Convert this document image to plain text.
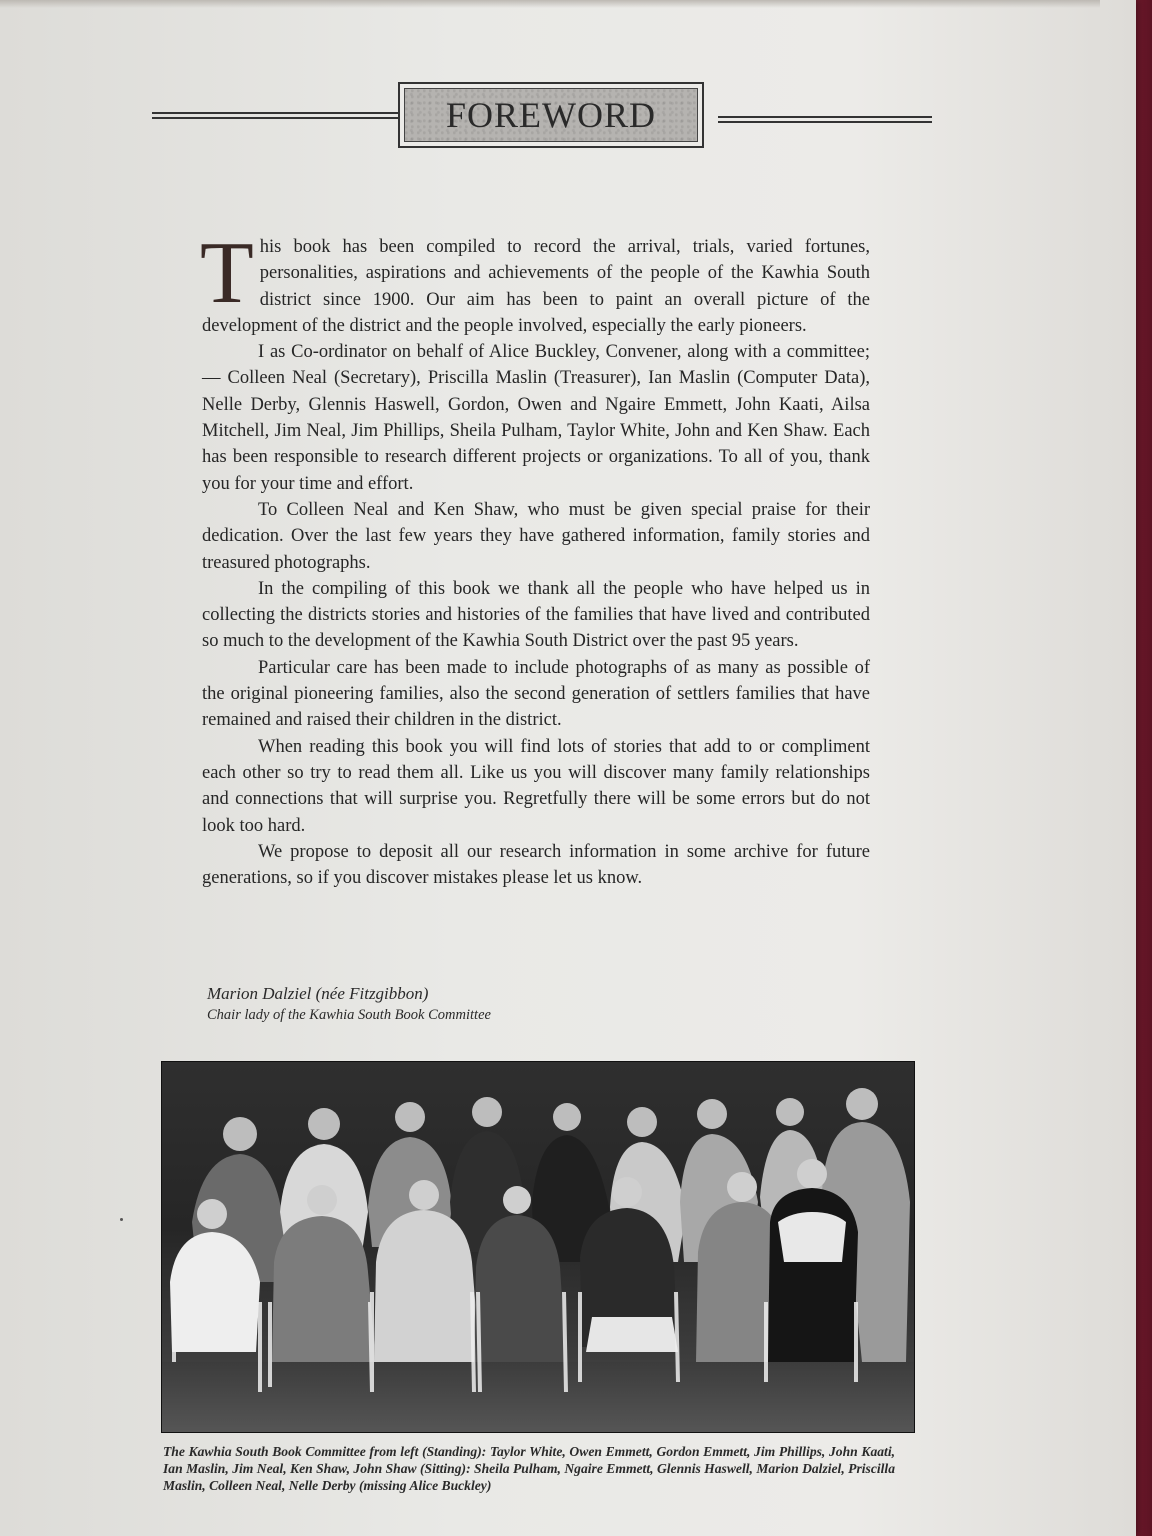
FOREWORD

This book has been compiled to record the arrival, trials, varied fortunes, personalities, aspirations and achievements of the people of the Kawhia South district since 1900. Our aim has been to paint an overall picture of the development of the district and the people involved, especially the early pioneers.

I as Co-ordinator on behalf of Alice Buckley, Convener, along with a committee;— Colleen Neal (Secretary), Priscilla Maslin (Treasurer), Ian Maslin (Computer Data), Nelle Derby, Glennis Haswell, Gordon, Owen and Ngaire Emmett, John Kaati, Ailsa Mitchell, Jim Neal, Jim Phillips, Sheila Pulham, Taylor White, John and Ken Shaw. Each has been responsible to research different projects or organizations. To all of you, thank you for your time and effort.

To Colleen Neal and Ken Shaw, who must be given special praise for their dedication. Over the last few years they have gathered information, family stories and treasured photographs.

In the compiling of this book we thank all the people who have helped us in collecting the districts stories and histories of the families that have lived and contributed so much to the development of the Kawhia South District over the past 95 years.

Particular care has been made to include photographs of as many as possible of the original pioneering families, also the second generation of settlers families that have remained and raised their children in the district.

When reading this book you will find lots of stories that add to or compliment each other so try to read them all. Like us you will discover many family relationships and connections that will surprise you. Regretfully there will be some errors but do not look too hard.

We propose to deposit all our research information in some archive for future generations, so if you discover mistakes please let us know.

Marion Dalziel (née Fitzgibbon)
Chair lady of the Kawhia South Book Committee
The Kawhia South Book Committee from left (Standing): Taylor White, Owen Emmett, Gordon Emmett, Jim Phillips, John Kaati, Ian Maslin, Jim Neal, Ken Shaw, John Shaw (Sitting): Sheila Pulham, Ngaire Emmett, Glennis Haswell, Marion Dalziel, Priscilla Maslin, Colleen Neal, Nelle Derby (missing Alice Buckley)
